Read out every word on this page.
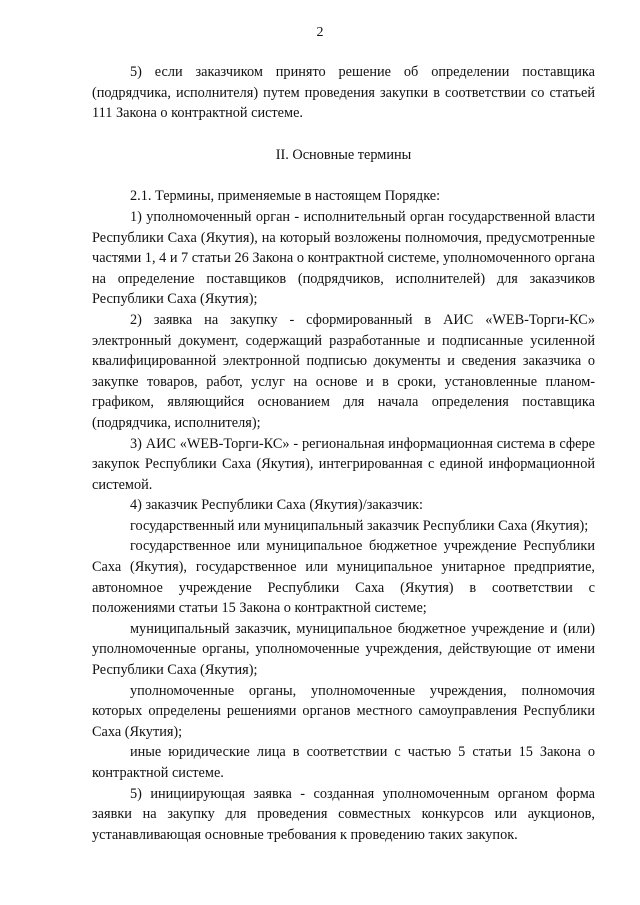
2

5) если заказчиком принято решение об определении поставщика (подрядчика, исполнителя) путем проведения закупки в соответствии со статьей 111 Закона о контрактной системе.

II. Основные термины

2.1. Термины, применяемые в настоящем Порядке:

1) уполномоченный орган - исполнительный орган государственной власти Республики Саха (Якутия), на который возложены полномочия, предусмотренные частями 1, 4 и 7 статьи 26 Закона о контрактной системе, уполномоченного органа на определение поставщиков (подрядчиков, исполнителей) для заказчиков Республики Саха (Якутия);

2) заявка на закупку - сформированный в АИС «WEB-Торги-КС» электронный документ, содержащий разработанные и подписанные усиленной квалифицированной электронной подписью документы и сведения заказчика о закупке товаров, работ, услуг на основе и в сроки, установленные планом-графиком, являющийся основанием для начала определения поставщика (подрядчика, исполнителя);

3) АИС «WEB-Торги-КС» - региональная информационная система в сфере закупок Республики Саха (Якутия), интегрированная с единой информационной системой.

4) заказчик Республики Саха (Якутия)/заказчик:

государственный или муниципальный заказчик Республики Саха (Якутия);

государственное или муниципальное бюджетное учреждение Республики Саха (Якутия), государственное или муниципальное унитарное предприятие, автономное учреждение Республики Саха (Якутия) в соответствии с положениями статьи 15 Закона о контрактной системе;

муниципальный заказчик, муниципальное бюджетное учреждение и (или) уполномоченные органы, уполномоченные учреждения, действующие от имени Республики Саха (Якутия);

уполномоченные органы, уполномоченные учреждения, полномочия которых определены решениями органов местного самоуправления Республики Саха (Якутия);

иные юридические лица в соответствии с частью 5 статьи 15 Закона о контрактной системе.

5) инициирующая заявка - созданная уполномоченным органом форма заявки на закупку для проведения совместных конкурсов или аукционов, устанавливающая основные требования к проведению таких закупок.
